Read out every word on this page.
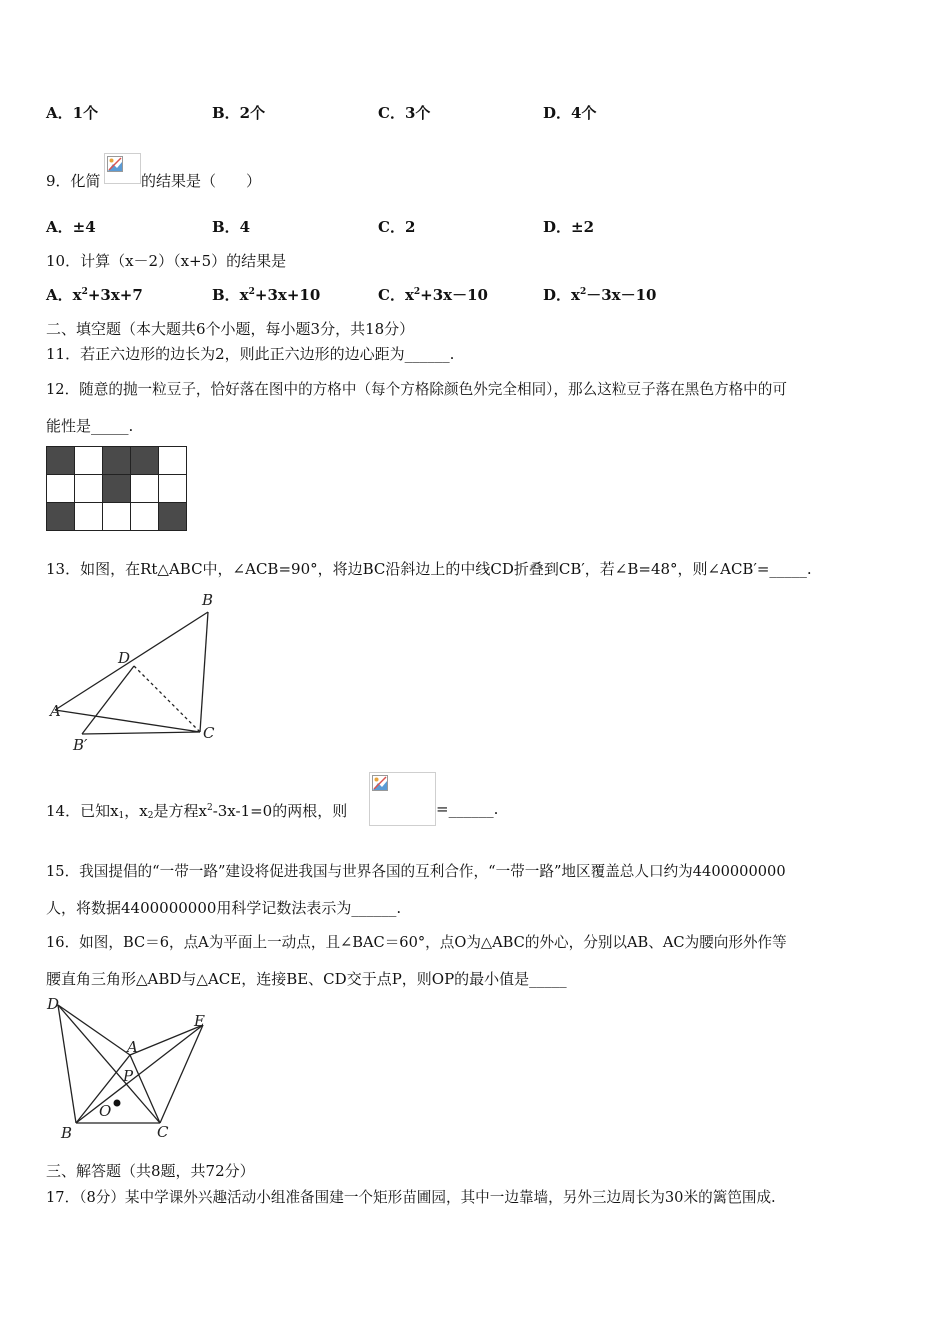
A．1个	B．2个	C．3个	D．4个
9．化简	的结果是（　　）
A．±4	B．4	C．2	D．±2
10．计算（x－2）（x+5）的结果是
A．$x^2+3x+7$	B．$x^2+3x+10$	C．$x^2+3x-10$	D．$x^2-3x-10$
二、填空题（本大题共6个小题，每小题3分，共18分）
11．若正六边形的边长为2，则此正六边形的边心距为______.
12．随意的抛一粒豆子，恰好落在图中的方格中（每个方格除颜色外完全相同），那么这粒豆子落在黑色方格中的可
能性是_____.

13．如图，在Rt△ABC中，∠ACB=90°，将边BC沿斜边上的中线CD折叠到CB′，若∠B=48°，则∠ACB′=_____.
B
D
A
C
B′
14．已知$x_1$，$x_2$是方程$x^2-3x-1=0$的两根，则	=______.
15．我国提倡的“一带一路”建设将促进我国与世界各国的互利合作，“一带一路”地区覆盖总人口约为4400000000
人，将数据4400000000用科学记数法表示为______.
16．如图，BC＝6，点A为平面上一动点，且∠BAC＝60°，点O为△ABC的外心，分别以AB、AC为腰向形外作等
腰直角三角形△ABD与△ACE，连接BE、CD交于点P，则OP的最小值是_____
D
E
A
P
O
B	C
三、解答题（共8题，共72分）
17．（8分）某中学课外兴趣活动小组准备围建一个矩形苗圃园，其中一边靠墙，另外三边周长为30米的篱笆围成.
